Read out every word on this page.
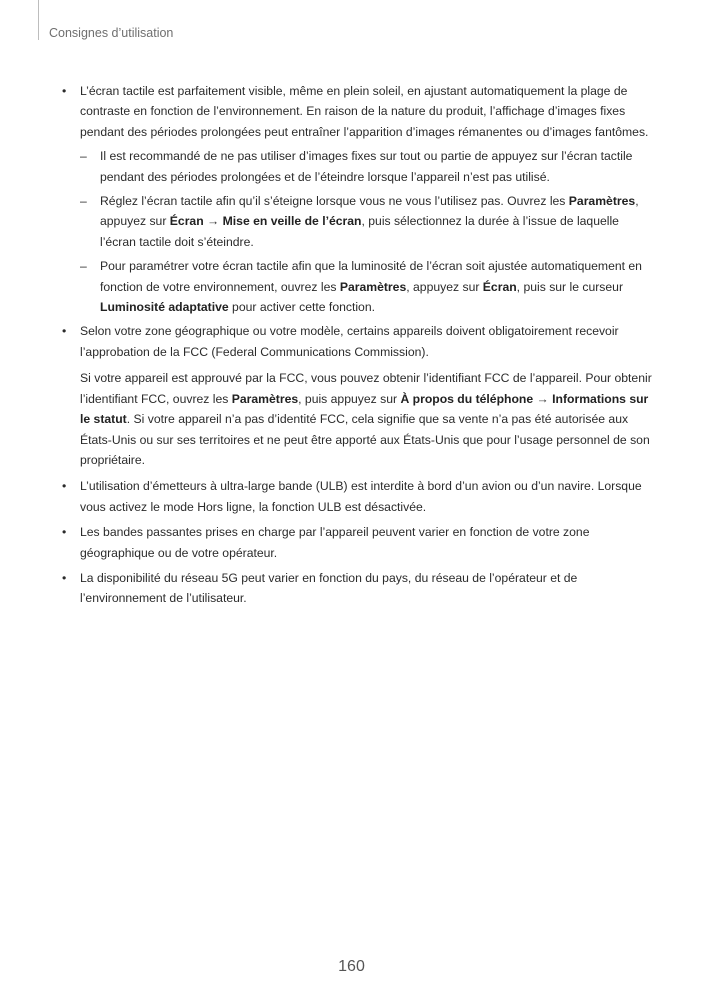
Consignes d’utilisation
• L’écran tactile est parfaitement visible, même en plein soleil, en ajustant automatiquement la plage de contraste en fonction de l’environnement. En raison de la nature du produit, l’affichage d’images fixes pendant des périodes prolongées peut entraîner l’apparition d’images rémanentes ou d’images fantômes.
– Il est recommandé de ne pas utiliser d’images fixes sur tout ou partie de appuyez sur l’écran tactile pendant des périodes prolongées et de l’éteindre lorsque l’appareil n’est pas utilisé.
– Réglez l’écran tactile afin qu’il s’éteigne lorsque vous ne vous l’utilisez pas. Ouvrez les Paramètres, appuyez sur Écran → Mise en veille de l’écran, puis sélectionnez la durée à l’issue de laquelle l’écran tactile doit s’éteindre.
– Pour paramétrer votre écran tactile afin que la luminosité de l’écran soit ajustée automatiquement en fonction de votre environnement, ouvrez les Paramètres, appuyez sur Écran, puis sur le curseur Luminosité adaptative pour activer cette fonction.
• Selon votre zone géographique ou votre modèle, certains appareils doivent obligatoirement recevoir l’approbation de la FCC (Federal Communications Commission).
Si votre appareil est approuvé par la FCC, vous pouvez obtenir l’identifiant FCC de l’appareil. Pour obtenir l’identifiant FCC, ouvrez les Paramètres, puis appuyez sur À propos du téléphone → Informations sur le statut. Si votre appareil n’a pas d’identité FCC, cela signifie que sa vente n’a pas été autorisée aux États-Unis ou sur ses territoires et ne peut être apporté aux États-Unis que pour l’usage personnel de son propriétaire.
• L’utilisation d’émetteurs à ultra-large bande (ULB) est interdite à bord d’un avion ou d’un navire. Lorsque vous activez le mode Hors ligne, la fonction ULB est désactivée.
• Les bandes passantes prises en charge par l’appareil peuvent varier en fonction de votre zone géographique ou de votre opérateur.
• La disponibilité du réseau 5G peut varier en fonction du pays, du réseau de l’opérateur et de l’environnement de l’utilisateur.
160
